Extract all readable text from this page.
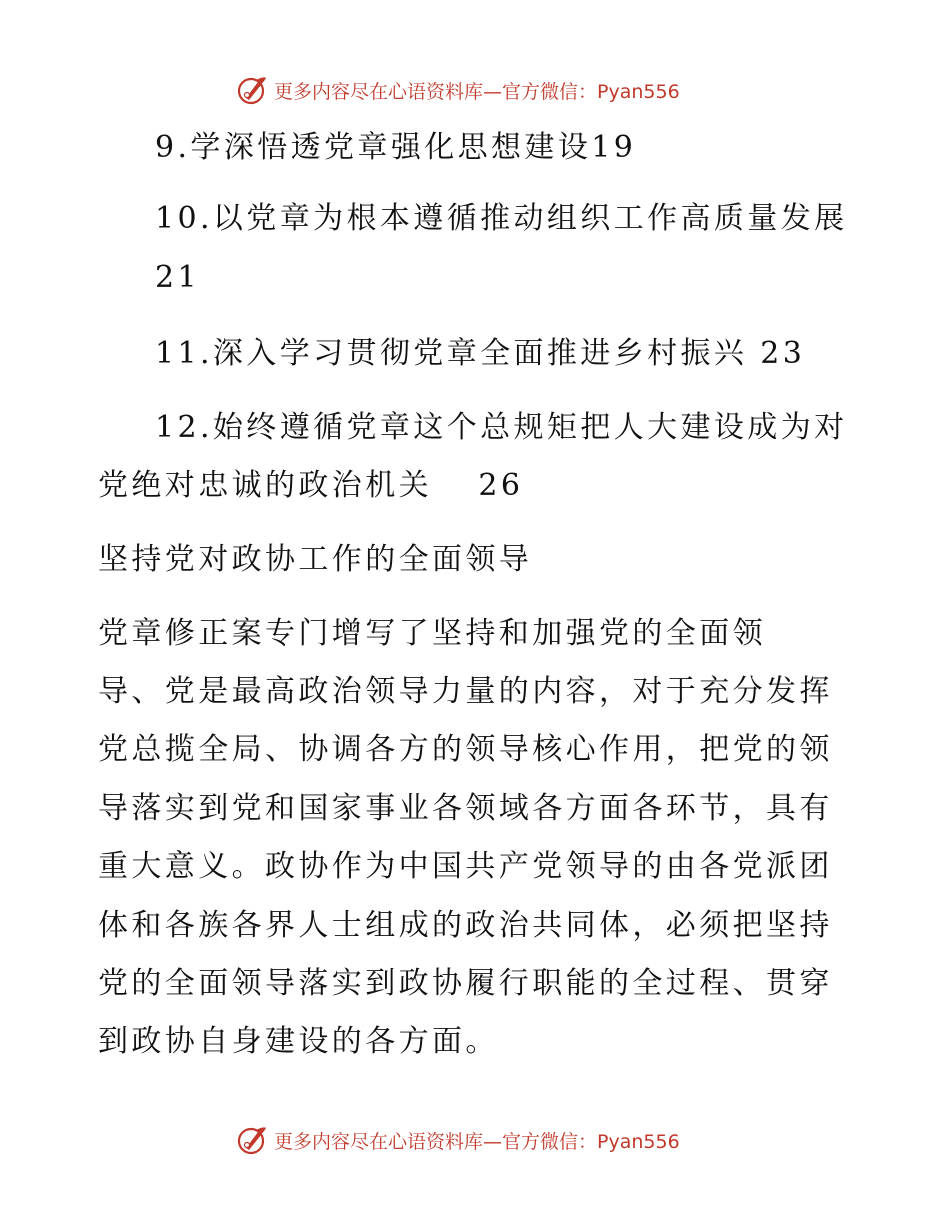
更多内容尽在心语资料库—官方微信：Pyan556
9.学深悟透党章强化思想建设19
10.以党章为根本遵循推动组织工作高质量发展
21
11.深入学习贯彻党章全面推进乡村振兴 23
12.始终遵循党章这个总规矩把人大建设成为对
党绝对忠诚的政治机关　 26
坚持党对政协工作的全面领导
党章修正案专门增写了坚持和加强党的全面领
导、党是最高政治领导力量的内容，对于充分发挥
党总揽全局、协调各方的领导核心作用，把党的领
导落实到党和国家事业各领域各方面各环节，具有
重大意义。政协作为中国共产党领导的由各党派团
体和各族各界人士组成的政治共同体，必须把坚持
党的全面领导落实到政协履行职能的全过程、贯穿
到政协自身建设的各方面。
更多内容尽在心语资料库—官方微信：Pyan556
